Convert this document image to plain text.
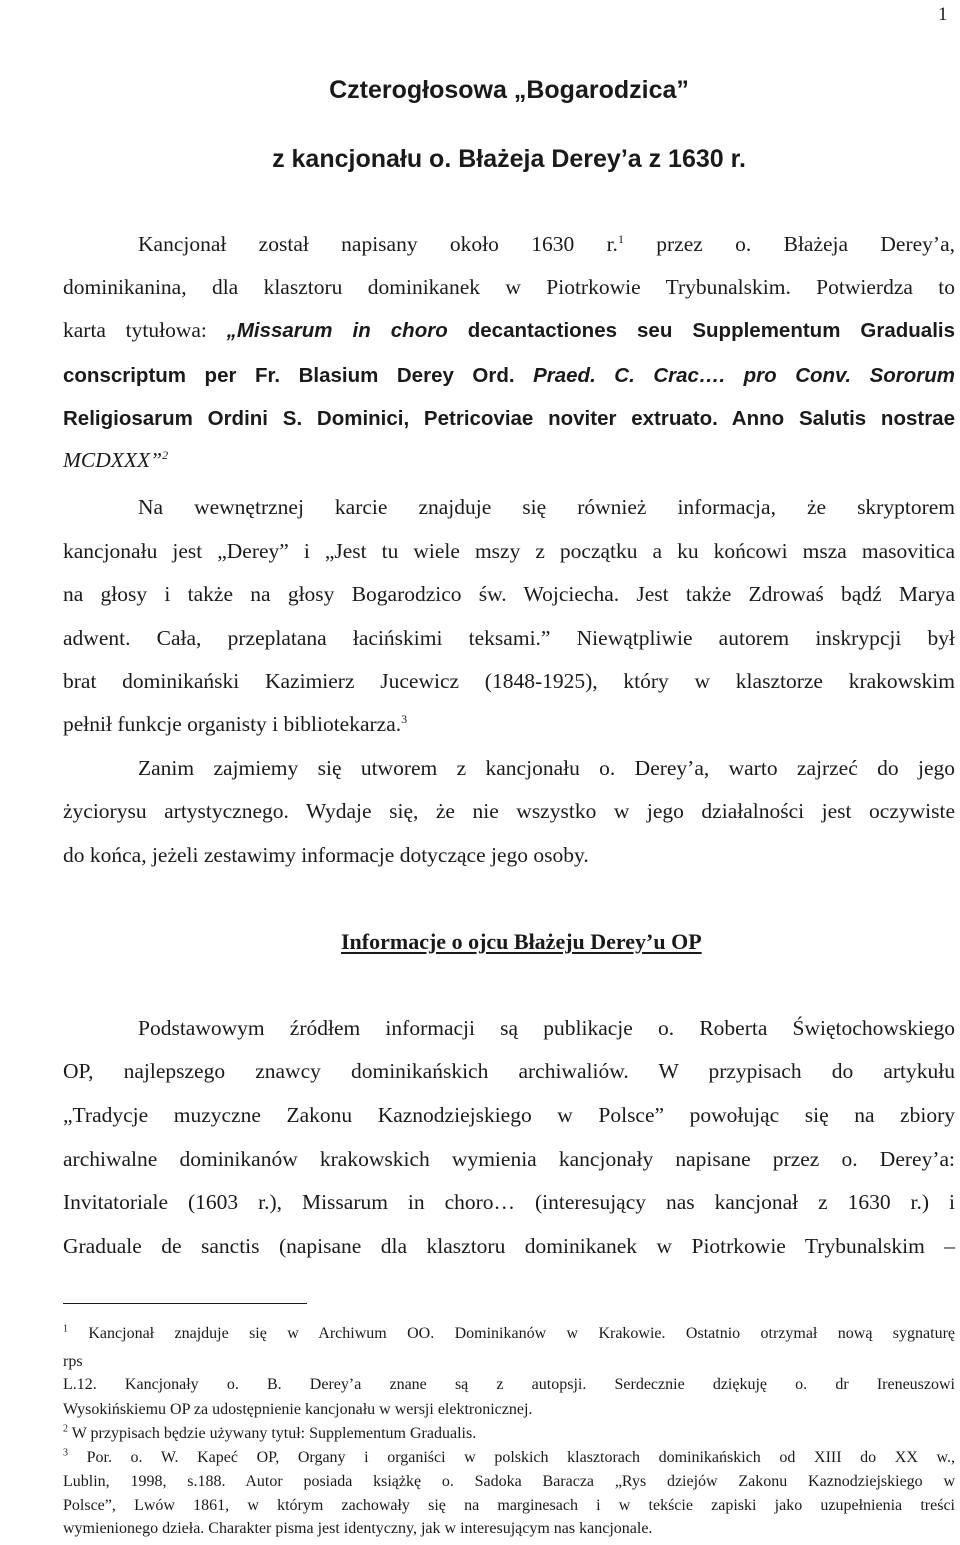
1
Czterogłosowa „Bogarodzica”
z kancjonału o. Błażeja Derey’a z 1630 r.
Kancjonał został napisany około 1630 r.$^1$ przez o. Błażeja Derey’a,
dominikanina, dla klasztoru dominikanek w Piotrkowie Trybunalskim. Potwierdza to
karta tytułowa: „Missarum in choro decantactiones seu Supplementum Gradualis
conscriptum per Fr. Blasium Derey Ord. Praed. C. Crac…. pro Conv. Sororum
Religiosarum Ordini S. Dominici, Petricoviae noviter extruato. Anno Salutis nostrae
MCDXXX”$^2$
Na wewnętrznej karcie znajduje się również informacja, że skryptorem
kancjonału jest „Derey” i „Jest tu wiele mszy z początku a ku końcowi msza masovitica
na głosy i także na głosy Bogarodzico św. Wojciecha. Jest także Zdrowaś bądź Marya
adwent. Cała, przeplatana łacińskimi teksami.” Niewątpliwie autorem inskrypcji był
brat dominikański Kazimierz Jucewicz (1848-1925), który w klasztorze krakowskim
pełnił funkcje organisty i bibliotekarza.$^3$
Zanim zajmiemy się utworem z kancjonału o. Derey’a, warto zajrzeć do jego
życiorysu artystycznego. Wydaje się, że nie wszystko w jego działalności jest oczywiste
do końca, jeżeli zestawimy informacje dotyczące jego osoby.
Informacje o ojcu Błażeju Derey’u OP
Podstawowym źródłem informacji są publikacje o. Roberta Świętochowskiego
OP, najlepszego znawcy dominikańskich archiwaliów. W przypisach do artykułu
„Tradycje muzyczne Zakonu Kaznodziejskiego w Polsce” powołując się na zbiory
archiwalne dominikanów krakowskich wymienia kancjonały napisane przez o. Derey’a:
Invitatoriale (1603 r.), Missarum in choro… (interesujący nas kancjonał z 1630 r.) i
Graduale de sanctis (napisane dla klasztoru dominikanek w Piotrkowie Trybunalskim –
$^1$ Kancjonał znajduje się w Archiwum OO. Dominikanów w Krakowie. Ostatnio otrzymał nową sygnaturę
rps
L.12. Kancjonały o. B. Derey’a znane są z autopsji. Serdecznie dziękuję o. dr Ireneuszowi
Wysokińskiemu OP za udostępnienie kancjonału w wersji elektronicznej.
$^2$ W przypisach będzie używany tytuł: Supplementum Gradualis.
$^3$ Por. o. W. Kapeć OP, Organy i organiści w polskich klasztorach dominikańskich od XIII do XX w.,
Lublin, 1998, s.188. Autor posiada książkę o. Sadoka Baracza „Rys dziejów Zakonu Kaznodziejskiego w
Polsce”, Lwów 1861, w którym zachowały się na marginesach i w tekście zapiski jako uzupełnienia treści
wymienionego dzieła. Charakter pisma jest identyczny, jak w interesującym nas kancjonale.
